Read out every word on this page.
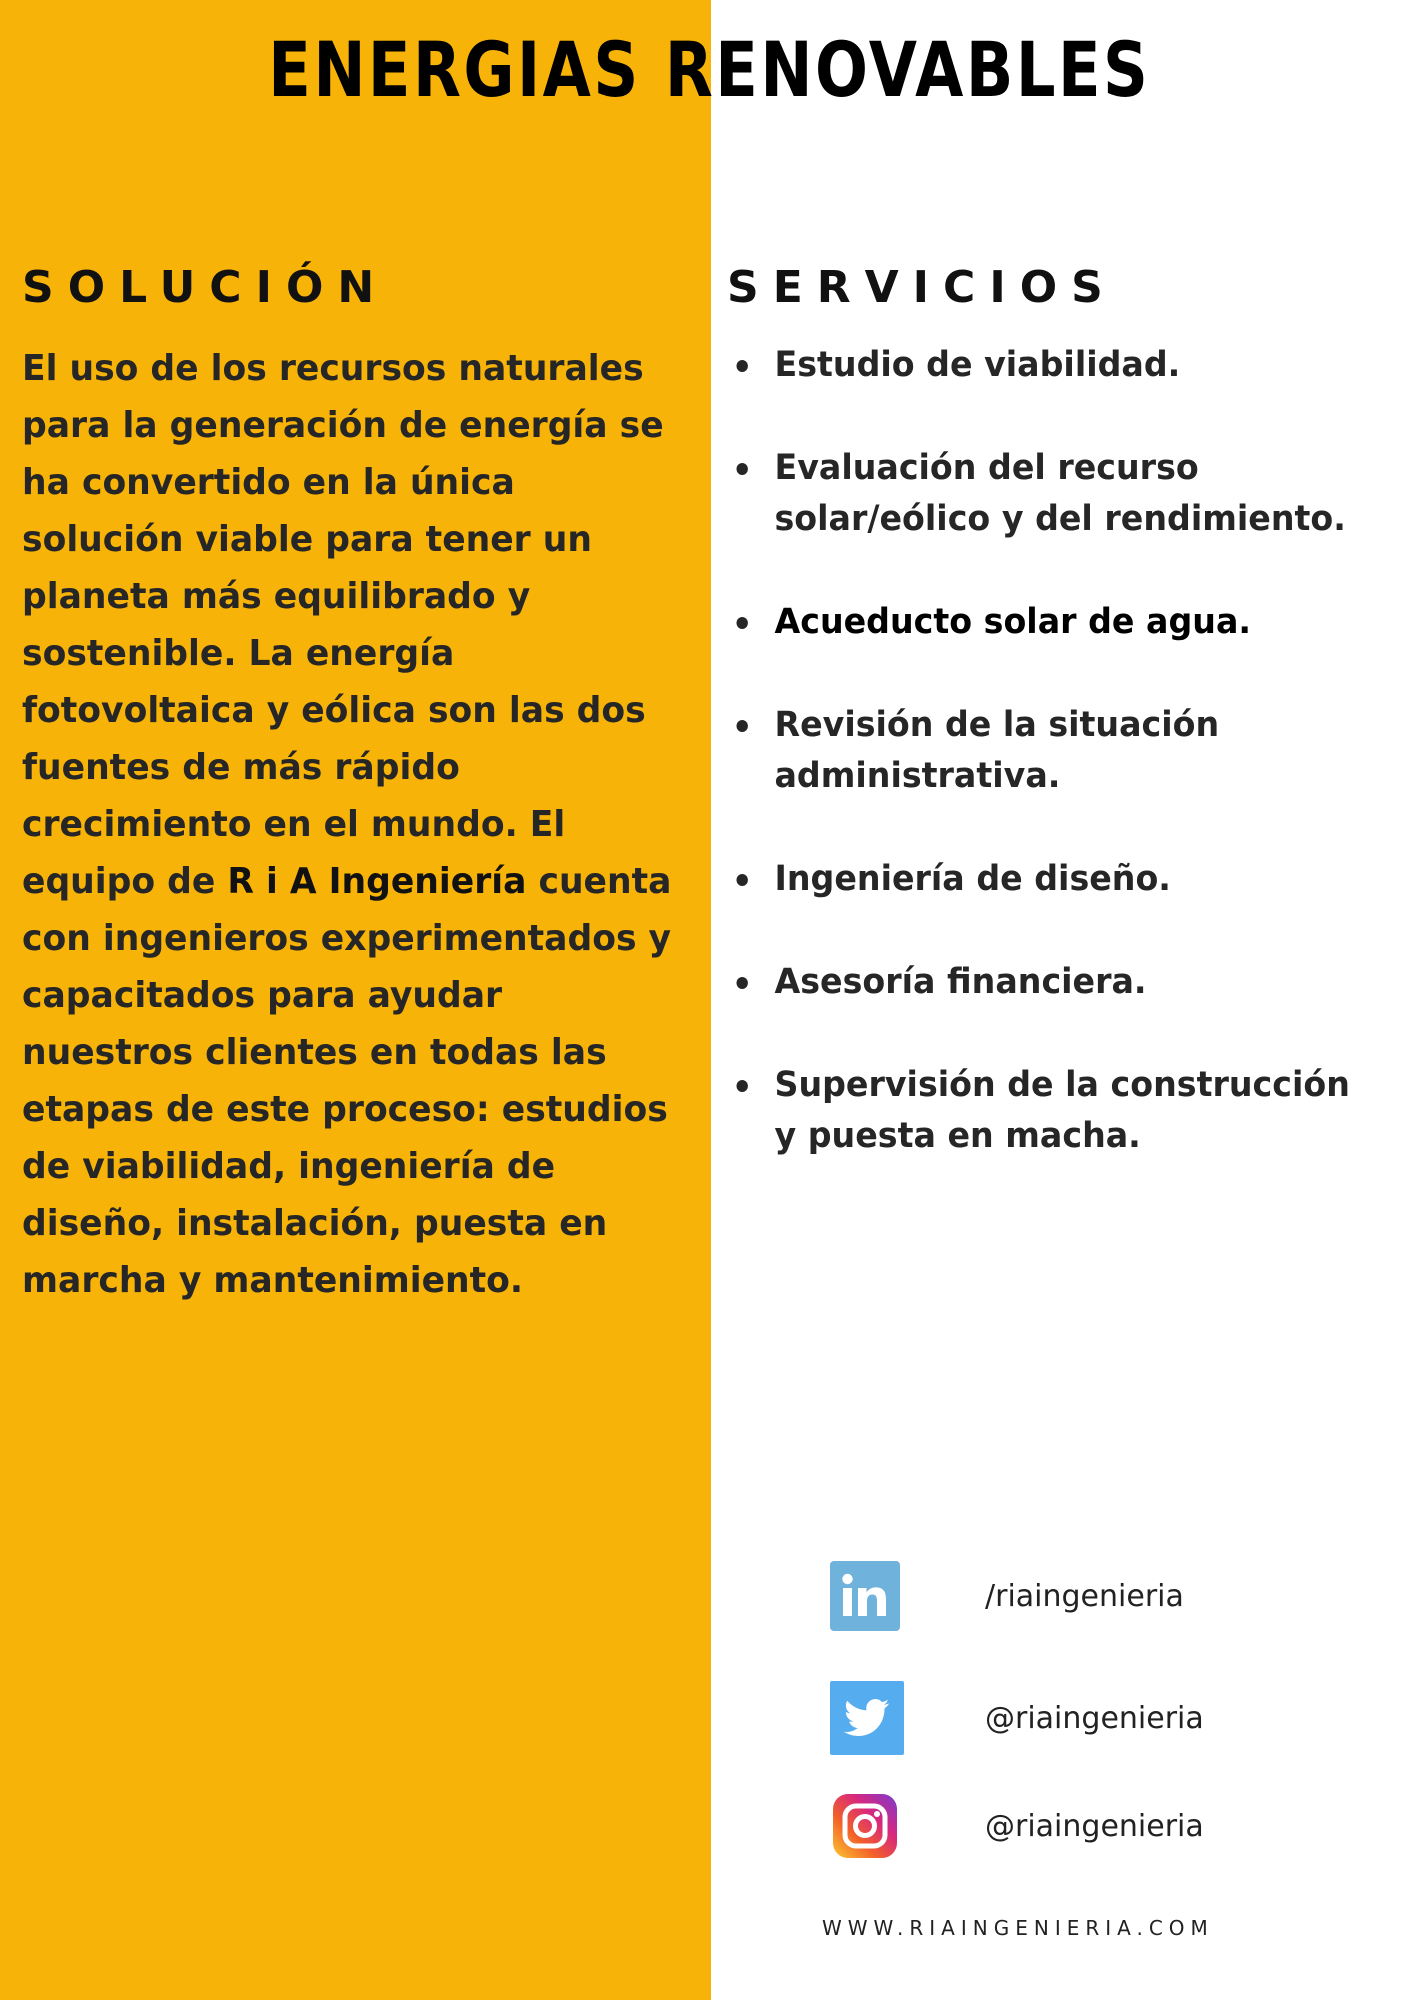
ENERGIAS RENOVABLES
SOLUCIÓN	SERVICIOS

El uso de los recursos naturales para la generación de energía se ha convertido en la única solución viable para tener un planeta más equilibrado y sostenible. La energía fotovoltaica y eólica son las dos fuentes de más rápido crecimiento en el mundo. El equipo de R i A Ingeniería cuenta con ingenieros experimentados y capacitados para ayudar nuestros clientes en todas las etapas de este proceso: estudios de viabilidad, ingeniería de diseño, instalación, puesta en marcha y mantenimiento.

Estudio de viabilidad.
Evaluación del recurso solar/eólico y del rendimiento.
Acueducto solar de agua.
Revisión de la situación administrativa.
Ingeniería de diseño.
Asesoría financiera.
Supervisión de la construcción y puesta en macha.
/riaingenieria
@riaingenieria
@riaingenieria
WWW.RIAINGENIERIA.COM
